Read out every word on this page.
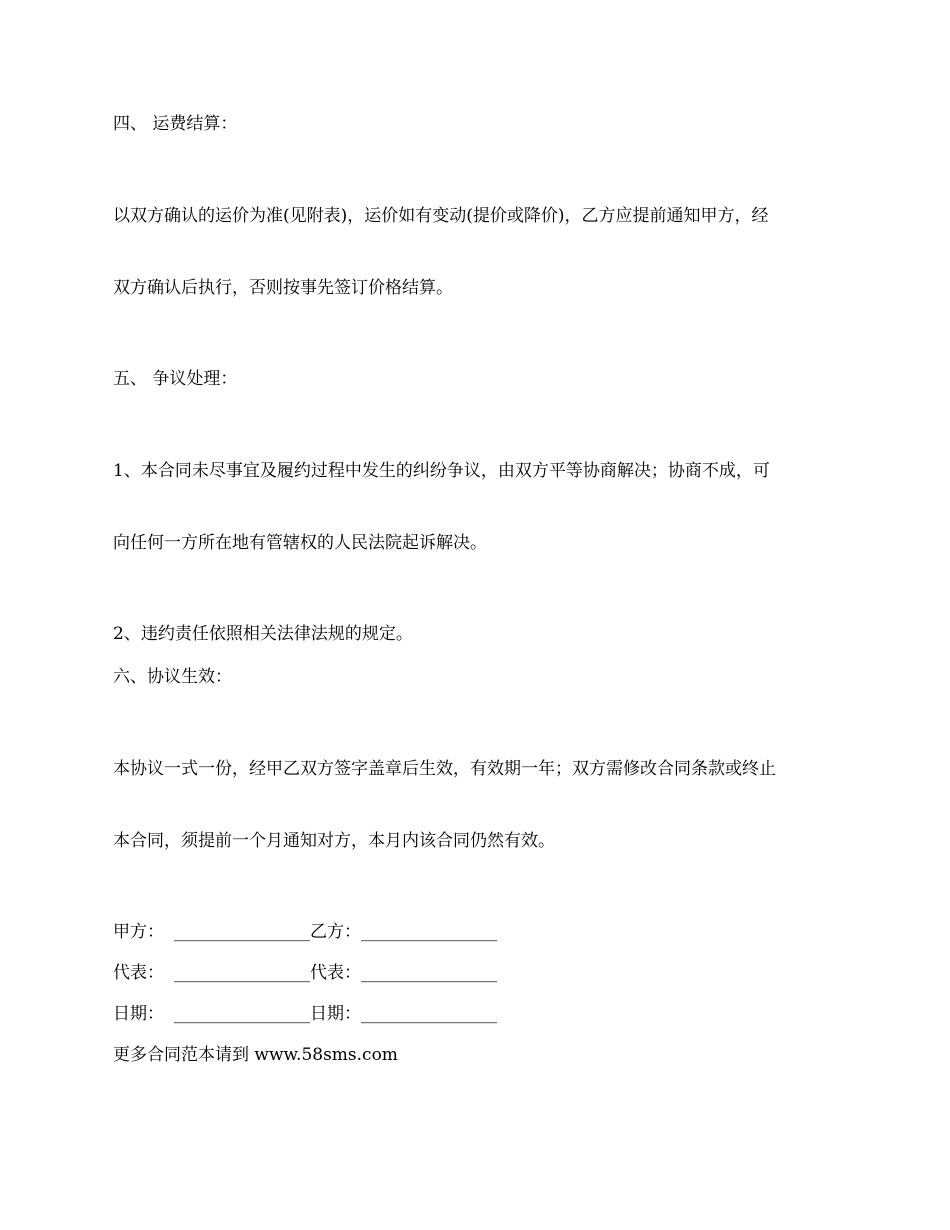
四、 运费结算：

以双方确认的运价为准(见附表)，运价如有变动(提价或降价)，乙方应提前通知甲方，经

双方确认后执行，否则按事先签订价格结算。

五、 争议处理：

1、本合同未尽事宜及履约过程中发生的纠纷争议，由双方平等协商解决；协商不成，可

向任何一方所在地有管辖权的人民法院起诉解决。

2、违约责任依照相关法律法规的规定。
六、协议生效：

本协议一式一份，经甲乙双方签字盖章后生效，有效期一年；双方需修改合同条款或终止

本合同，须提前一个月通知对方，本月内该合同仍然有效。

甲方： ________________ 乙方： ________________
代表： ________________ 代表： ________________
日期： ________________ 日期： ________________
更多合同范本请到 www.58sms.com
